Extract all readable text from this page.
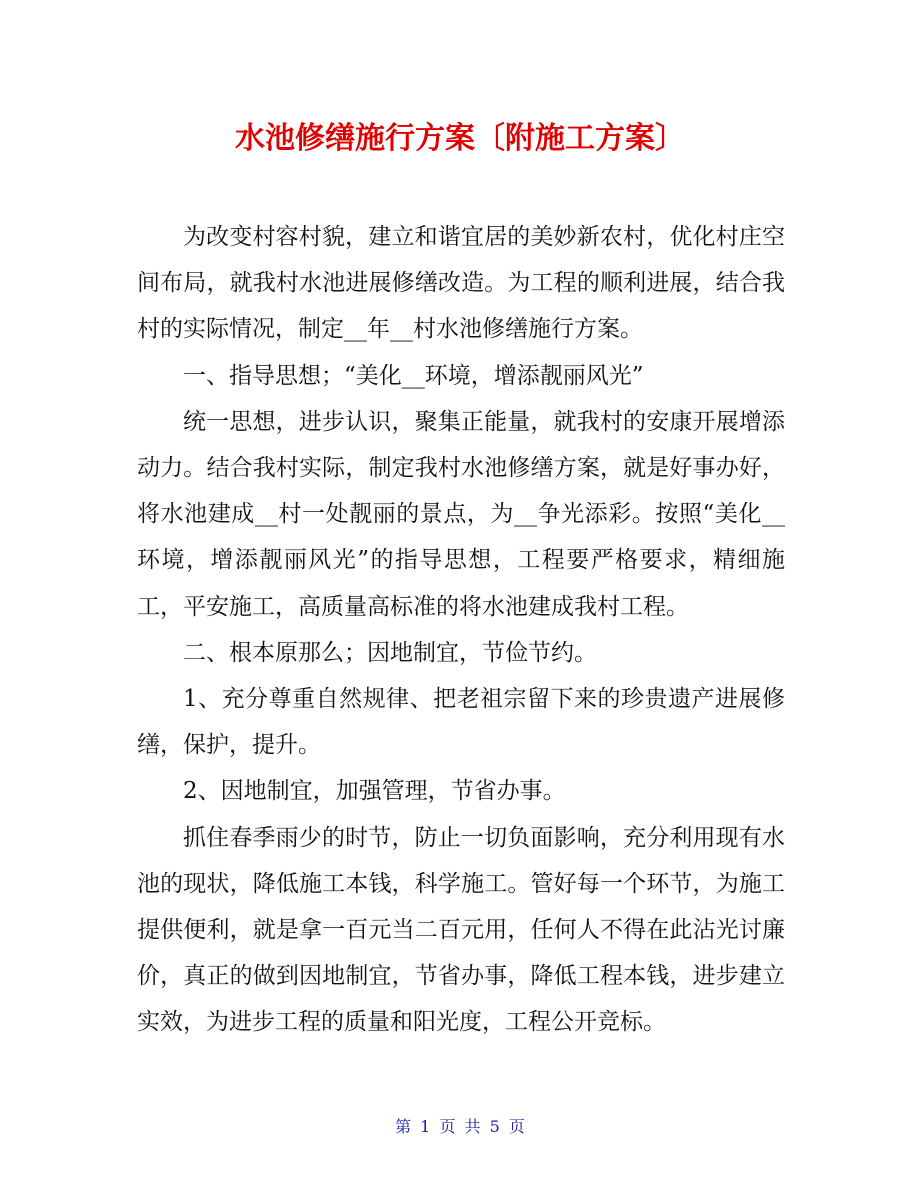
水池修缮施行方案〔附施工方案〕

为改变村容村貌，建立和谐宜居的美妙新农村，优化村庄空间布局，就我村水池进展修缮改造。为工程的顺利进展，结合我村的实际情况，制定__年__村水池修缮施行方案。

一、指导思想；“美化__环境，增添靓丽风光”

统一思想，进步认识，聚集正能量，就我村的安康开展增添动力。结合我村实际，制定我村水池修缮方案，就是好事办好，将水池建成__村一处靓丽的景点，为__争光添彩。按照“美化__环境，增添靓丽风光”的指导思想，工程要严格要求，精细施工，平安施工，高质量高标准的将水池建成我村工程。

二、根本原那么；因地制宜，节俭节约。

1、充分尊重自然规律、把老祖宗留下来的珍贵遗产进展修缮，保护，提升。

2、因地制宜，加强管理，节省办事。

抓住春季雨少的时节，防止一切负面影响，充分利用现有水池的现状，降低施工本钱，科学施工。管好每一个环节，为施工提供便利，就是拿一百元当二百元用，任何人不得在此沾光讨廉价，真正的做到因地制宜，节省办事，降低工程本钱，进步建立实效，为进步工程的质量和阳光度，工程公开竞标。

第 1 页 共 5 页
